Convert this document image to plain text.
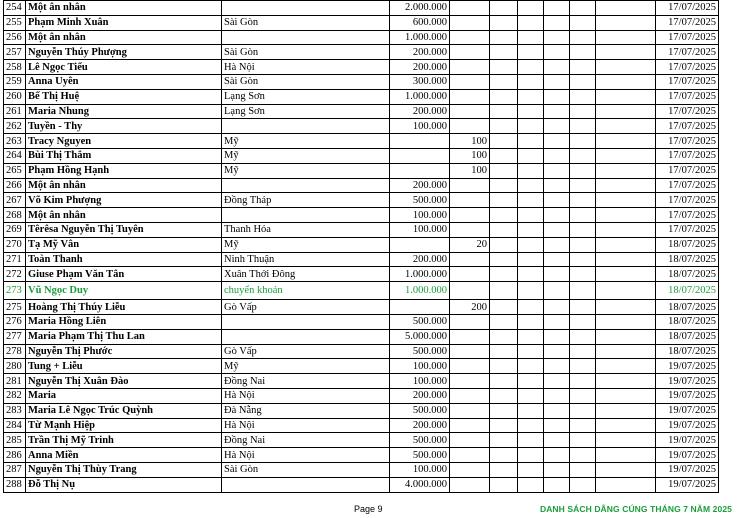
254	Một ân nhân		2.000.000							17/07/2025
255	Phạm Minh Xuân	Sài Gòn	600.000							17/07/2025
256	Một ân nhân		1.000.000							17/07/2025
257	Nguyễn Thúy Phượng	Sài Gòn	200.000							17/07/2025
258	Lê Ngọc Tiếu	Hà Nội	200.000							17/07/2025
259	Anna Uyên	Sài Gòn	300.000							17/07/2025
260	Bế Thị Huệ	Lạng Sơn	1.000.000							17/07/2025
261	Maria Nhung	Lạng Sơn	200.000							17/07/2025
262	Tuyền - Thy		100.000							17/07/2025
263	Tracy Nguyen	Mỹ		100						17/07/2025
264	Bùi Thị Thắm	Mỹ		100						17/07/2025
265	Phạm Hồng Hạnh	Mỹ		100						17/07/2025
266	Một ân nhân		200.000							17/07/2025
267	Võ Kim Phượng	Đồng Tháp	500.000							17/07/2025
268	Một ân nhân		100.000							17/07/2025
269	Têrêsa Nguyễn Thị Tuyên	Thanh Hóa	100.000							17/07/2025
270	Tạ Mỹ Vân	Mỹ		20						18/07/2025
271	Toàn Thanh	Ninh Thuận	200.000							18/07/2025
272	Giuse Phạm Văn Tân	Xuân Thới Đông	1.000.000							18/07/2025
273	Vũ Ngọc Duy	chuyển khoản	1.000.000							18/07/2025
275	Hoàng Thị Thúy Liễu	Gò Vấp		200						18/07/2025
276	Maria Hồng Liên		500.000							18/07/2025
277	Maria Phạm Thị Thu Lan		5.000.000							18/07/2025
278	Nguyễn Thị Phước	Gò Vấp	500.000							18/07/2025
280	Tung + Liễu	Mỹ	100.000							19/07/2025
281	Nguyễn Thị Xuân Đào	Đồng Nai	100.000							19/07/2025
282	Maria	Hà Nội	200.000							19/07/2025
283	Maria Lê Ngọc Trúc Quỳnh	Đà Nẵng	500.000							19/07/2025
284	Từ Mạnh Hiệp	Hà Nội	200.000							19/07/2025
285	Trần Thị Mỹ Trinh	Đồng Nai	500.000							19/07/2025
286	Anna Miền	Hà Nội	500.000							19/07/2025
287	Nguyễn Thị Thùy Trang	Sài Gòn	100.000							19/07/2025
288	Đỗ Thị Nụ		4.000.000							19/07/2025
Page 9	DANH SÁCH DÂNG CÚNG THÁNG 7 NĂM 2025
